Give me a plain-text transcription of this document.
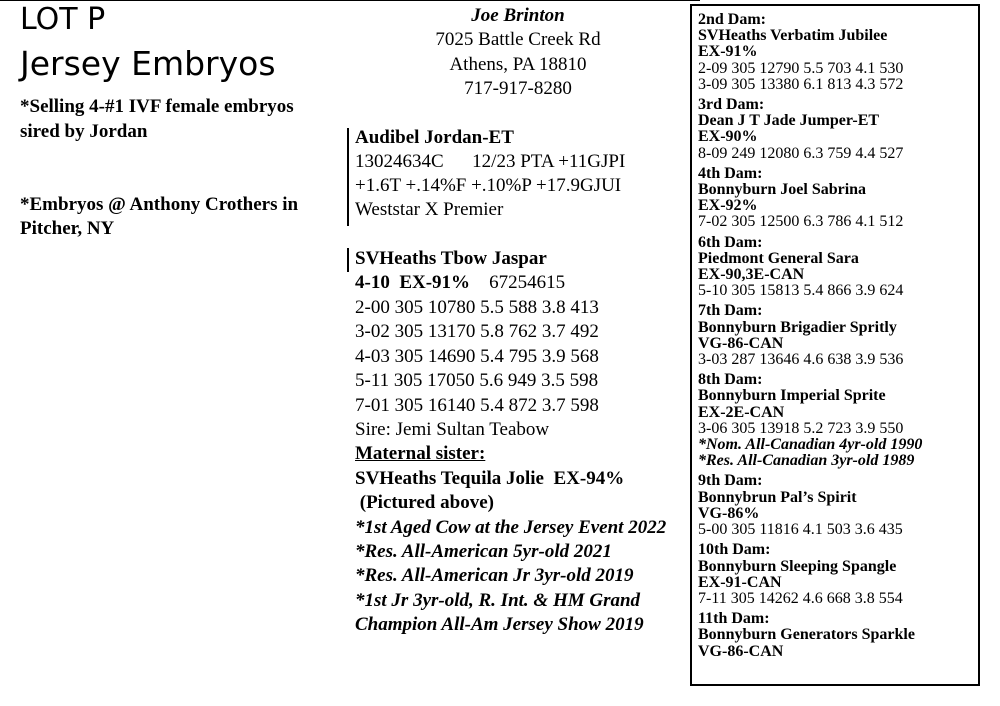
LOT P
Jersey Embryos
*Selling 4-#1 IVF female embryos
sired by Jordan
*Embryos @ Anthony Crothers in
Pitcher, NY
Joe Brinton
7025 Battle Creek Rd
Athens, PA 18810
717-917-8280
Audibel Jordan-ET
13024634C      12/23 PTA +11GJPI
+1.6T +.14%F +.10%P +17.9GJUI
Weststar X Premier
SVHeaths Tbow Jaspar
4-10  EX-91% 67254615
2-00 305 10780 5.5 588 3.8 413
3-02 305 13170 5.8 762 3.7 492
4-03 305 14690 5.4 795 3.9 568
5-11 305 17050 5.6 949 3.5 598
7-01 305 16140 5.4 872 3.7 598
Sire: Jemi Sultan Teabow
Maternal sister:
SVHeaths Tequila Jolie  EX-94%
(Pictured above)
*1st Aged Cow at the Jersey Event 2022
*Res. All-American 5yr-old 2021
*Res. All-American Jr 3yr-old 2019
*1st Jr 3yr-old, R. Int. & HM Grand
Champion All-Am Jersey Show 2019
2nd Dam:
SVHeaths Verbatim Jubilee
EX-91%
2-09 305 12790 5.5 703 4.1 530
3-09 305 13380 6.1 813 4.3 572
3rd Dam:
Dean J T Jade Jumper-ET
EX-90%
8-09 249 12080 6.3 759 4.4 527
4th Dam:
Bonnyburn Joel Sabrina
EX-92%
7-02 305 12500 6.3 786 4.1 512
6th Dam:
Piedmont General Sara
EX-90,3E-CAN
5-10 305 15813 5.4 866 3.9 624
7th Dam:
Bonnyburn Brigadier Spritly
VG-86-CAN
3-03 287 13646 4.6 638 3.9 536
8th Dam:
Bonnyburn Imperial Sprite
EX-2E-CAN
3-06 305 13918 5.2 723 3.9 550
*Nom. All-Canadian 4yr-old 1990
*Res. All-Canadian 3yr-old 1989
9th Dam:
Bonnybrun Pal’s Spirit
VG-86%
5-00 305 11816 4.1 503 3.6 435
10th Dam:
Bonnyburn Sleeping Spangle
EX-91-CAN
7-11 305 14262 4.6 668 3.8 554
11th Dam:
Bonnyburn Generators Sparkle
VG-86-CAN
